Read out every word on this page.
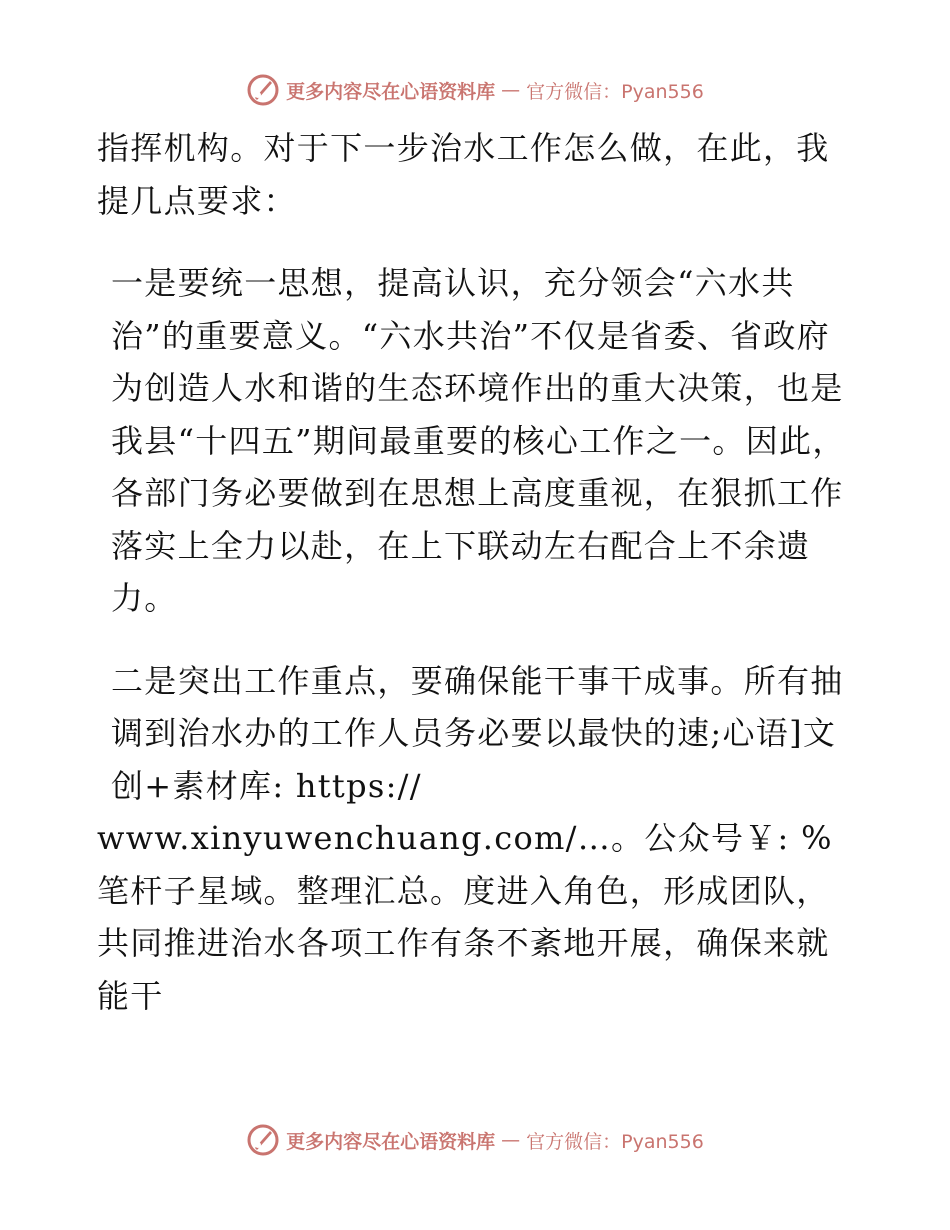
更多内容尽在心语资料库 — 官方微信：Pyan556

指挥机构。对于下一步治水工作怎么做，在此，我提几点要求：

一是要统一思想，提高认识，充分领会“六水共治”的重要意义。“六水共治”不仅是省委、省政府为创造人水和谐的生态环境作出的重大决策，也是我县“十四五”期间最重要的核心工作之一。因此，各部门务必要做到在思想上高度重视，在狠抓工作落实上全力以赴，在上下联动左右配合上不余遗力。

二是突出工作重点，要确保能干事干成事。所有抽调到治水办的工作人员务必要以最快的速;心语]文创+素材库: https://

www.xinyuwenchuang.com/…。公众号￥: %笔杆子星域。整理汇总。度进入角色，形成团队，共同推进治水各项工作有条不紊地开展，确保来就能干

更多内容尽在心语资料库 — 官方微信：Pyan556
